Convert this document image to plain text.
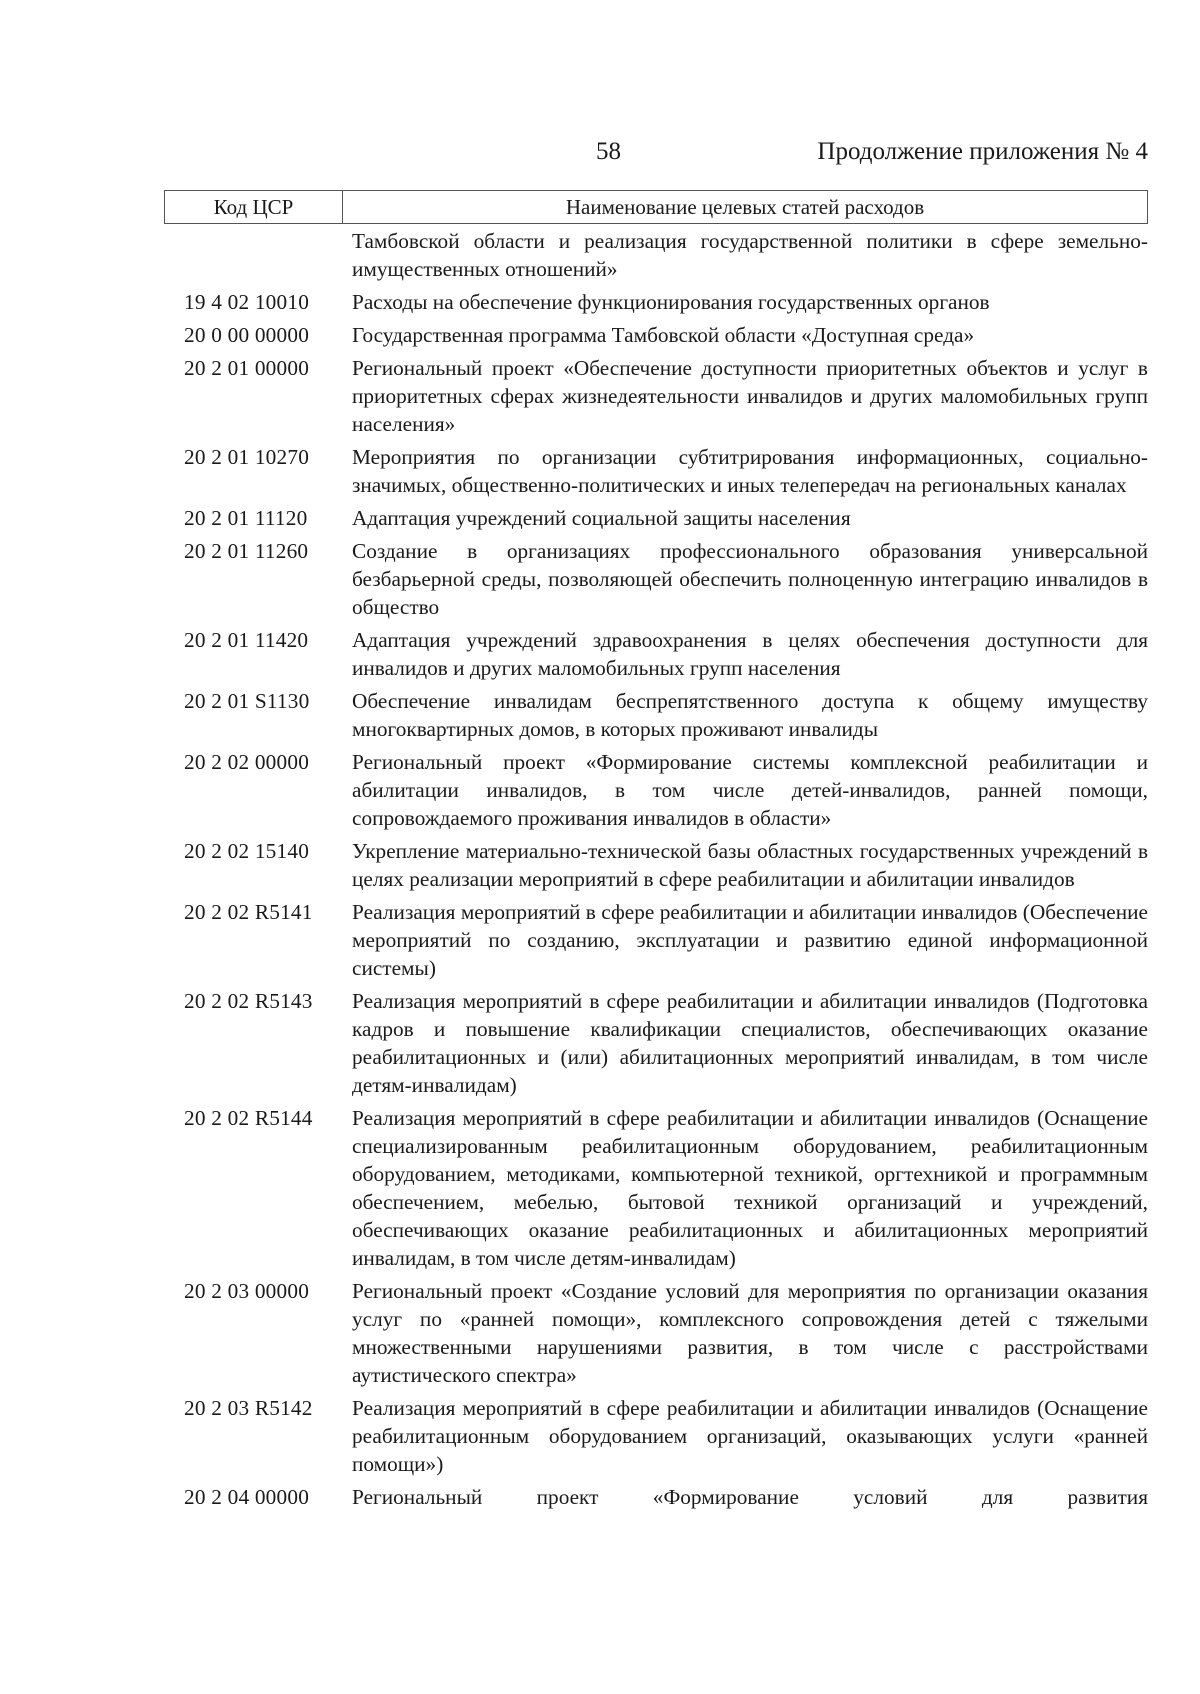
58	Продолжение приложения № 4
Код ЦСР	Наименование целевых статей расходов
Тамбовской области и реализация государственной политики в сфере земельно-имущественных отношений»
19 4 02 10010	Расходы на обеспечение функционирования государственных органов
20 0 00 00000	Государственная программа Тамбовской области «Доступная среда»
20 2 01 00000	Региональный проект «Обеспечение доступности приоритетных объектов и услуг в приоритетных сферах жизнедеятельности инвалидов и других маломобильных групп населения»
20 2 01 10270	Мероприятия по организации субтитрирования информационных, социально-значимых, общественно-политических и иных телепередач на региональных каналах
20 2 01 11120	Адаптация учреждений социальной защиты населения
20 2 01 11260	Создание в организациях профессионального образования универсальной безбарьерной среды, позволяющей обеспечить полноценную интеграцию инвалидов в общество
20 2 01 11420	Адаптация учреждений здравоохранения в целях обеспечения доступности для инвалидов и других маломобильных групп населения
20 2 01 S1130	Обеспечение инвалидам беспрепятственного доступа к общему имуществу многоквартирных домов, в которых проживают инвалиды
20 2 02 00000	Региональный проект «Формирование системы комплексной реабилитации и абилитации инвалидов, в том числе детей-инвалидов, ранней помощи, сопровождаемого проживания инвалидов в области»
20 2 02 15140	Укрепление материально-технической базы областных государственных учреждений в целях реализации мероприятий в сфере реабилитации и абилитации инвалидов
20 2 02 R5141	Реализация мероприятий в сфере реабилитации и абилитации инвалидов (Обеспечение мероприятий по созданию, эксплуатации и развитию единой информационной системы)
20 2 02 R5143	Реализация мероприятий в сфере реабилитации и абилитации инвалидов (Подготовка кадров и повышение квалификации специалистов, обеспечивающих оказание реабилитационных и (или) абилитационных мероприятий инвалидам, в том числе детям-инвалидам)
20 2 02 R5144	Реализация мероприятий в сфере реабилитации и абилитации инвалидов (Оснащение специализированным реабилитационным оборудованием, реабилитационным оборудованием, методиками, компьютерной техникой, оргтехникой и программным обеспечением, мебелью, бытовой техникой организаций и учреждений, обеспечивающих оказание реабилитационных и абилитационных мероприятий инвалидам, в том числе детям-инвалидам)
20 2 03 00000	Региональный проект «Создание условий для мероприятия по организации оказания услуг по «ранней помощи», комплексного сопровождения детей с тяжелыми множественными нарушениями развития, в том числе с расстройствами аутистического спектра»
20 2 03 R5142	Реализация мероприятий в сфере реабилитации и абилитации инвалидов (Оснащение реабилитационным оборудованием организаций, оказывающих услуги «ранней помощи»)
20 2 04 00000	Региональный проект «Формирование условий для развития
